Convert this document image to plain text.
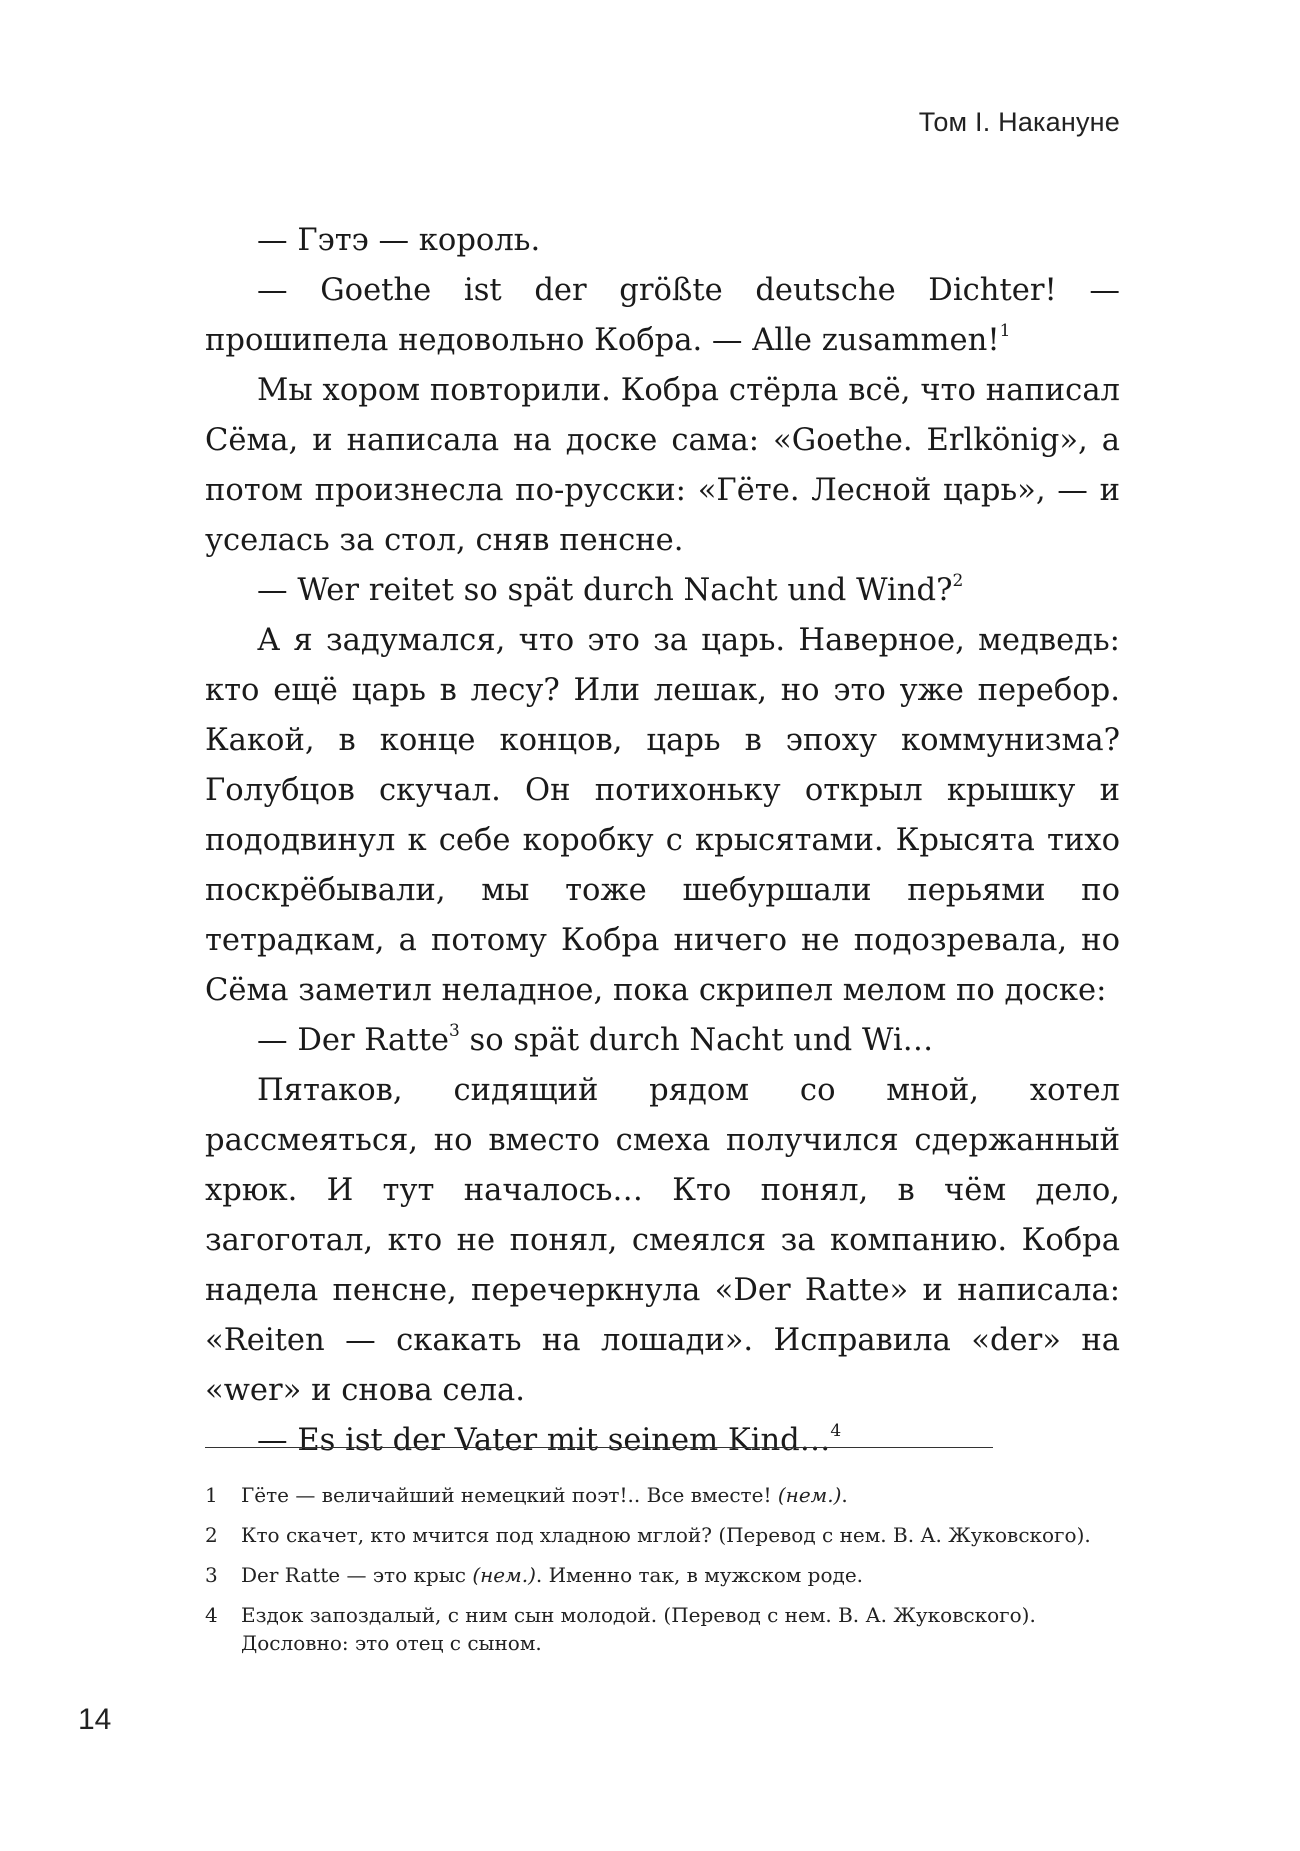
Том I. Накануне

— Гэтэ — король.

— Goethe ist der größte deutsche Dichter! — прошипела недовольно Кобра. — Alle zusammen!$^1$

Мы хором повторили. Кобра стёрла всё, что написал Сёма, и написала на доске сама: «Goethe. Erlkönig», а потом произнесла по-русски: «Гёте. Лесной царь», — и уселась за стол, сняв пенсне.

— Wer reitet so spät durch Nacht und Wind?$^2$

А я задумался, что это за царь. Наверное, медведь: кто ещё царь в лесу? Или лешак, но это уже перебор. Какой, в конце концов, царь в эпоху коммунизма? Голубцов скучал. Он потихоньку открыл крышку и пододвинул к себе коробку с крысятами. Крысята тихо поскрёбывали, мы тоже шебуршали перьями по тетрадкам, а потому Кобра ничего не подозревала, но Сёма заметил неладное, пока скрипел мелом по доске:

— Der Ratte$^3$ so spät durch Nacht und Wi…

Пятаков, сидящий рядом со мной, хотел рассмеяться, но вместо смеха получился сдержанный хрюк. И тут началось… Кто понял, в чём дело, загоготал, кто не понял, смеялся за компанию. Кобра надела пенсне, перечеркнула «Der Ratte» и написала: «Reiten — скакать на лошади». Исправила «der» на «wer» и снова села.

— Es ist der Vater mit seinem Kind…$^4$

1	Гёте — величайший немецкий поэт!.. Все вместе! (нем.).
2	Кто скачет, кто мчится под хладною мглой? (Перевод с нем. В. А. Жуковского).
3	Der Ratte — это крыс (нем.). Именно так, в мужском роде.
4	Ездок запоздалый, с ним сын молодой. (Перевод с нем. В. А. Жуковского). Дословно: это отец с сыном.
14
